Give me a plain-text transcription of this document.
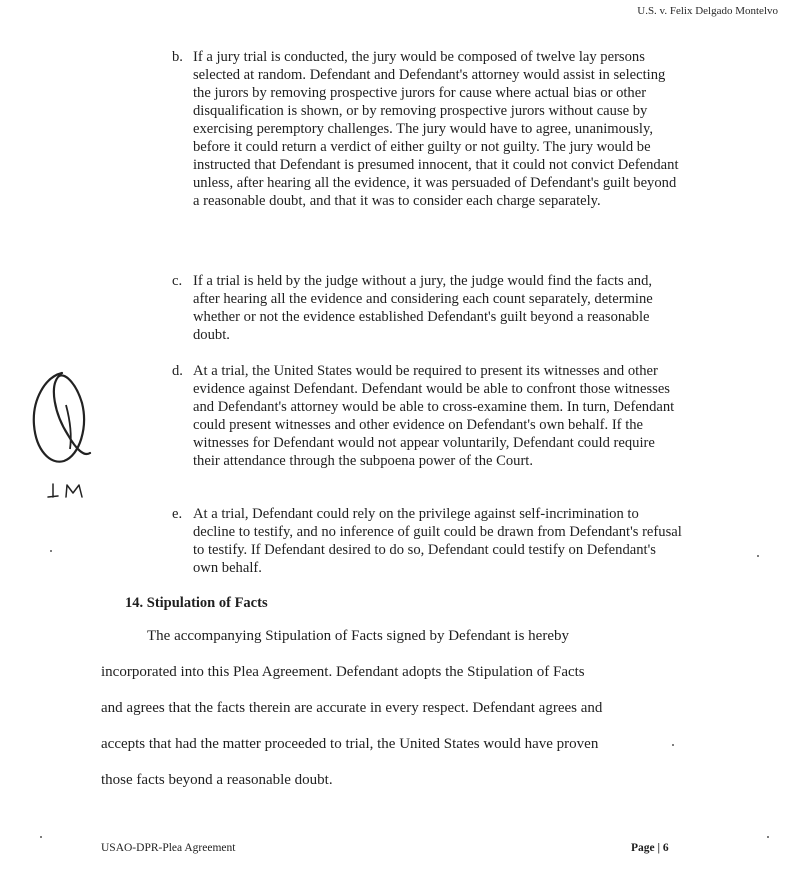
U.S. v. Felix Delgado Montelvo
b. If a jury trial is conducted, the jury would be composed of twelve lay persons selected at random. Defendant and Defendant's attorney would assist in selecting the jurors by removing prospective jurors for cause where actual bias or other disqualification is shown, or by removing prospective jurors without cause by exercising peremptory challenges. The jury would have to agree, unanimously, before it could return a verdict of either guilty or not guilty. The jury would be instructed that Defendant is presumed innocent, that it could not convict Defendant unless, after hearing all the evidence, it was persuaded of Defendant's guilt beyond a reasonable doubt, and that it was to consider each charge separately.
c. If a trial is held by the judge without a jury, the judge would find the facts and, after hearing all the evidence and considering each count separately, determine whether or not the evidence established Defendant's guilt beyond a reasonable doubt.
d. At a trial, the United States would be required to present its witnesses and other evidence against Defendant. Defendant would be able to confront those witnesses and Defendant's attorney would be able to cross-examine them. In turn, Defendant could present witnesses and other evidence on Defendant's own behalf. If the witnesses for Defendant would not appear voluntarily, Defendant could require their attendance through the subpoena power of the Court.
e. At a trial, Defendant could rely on the privilege against self-incrimination to decline to testify, and no inference of guilt could be drawn from Defendant's refusal to testify. If Defendant desired to do so, Defendant could testify on Defendant's own behalf.
14. Stipulation of Facts
The accompanying Stipulation of Facts signed by Defendant is hereby
incorporated into this Plea Agreement. Defendant adopts the Stipulation of Facts
and agrees that the facts therein are accurate in every respect. Defendant agrees and
accepts that had the matter proceeded to trial, the United States would have proven
those facts beyond a reasonable doubt.
USAO-DPR-Plea Agreement	Page | 6
